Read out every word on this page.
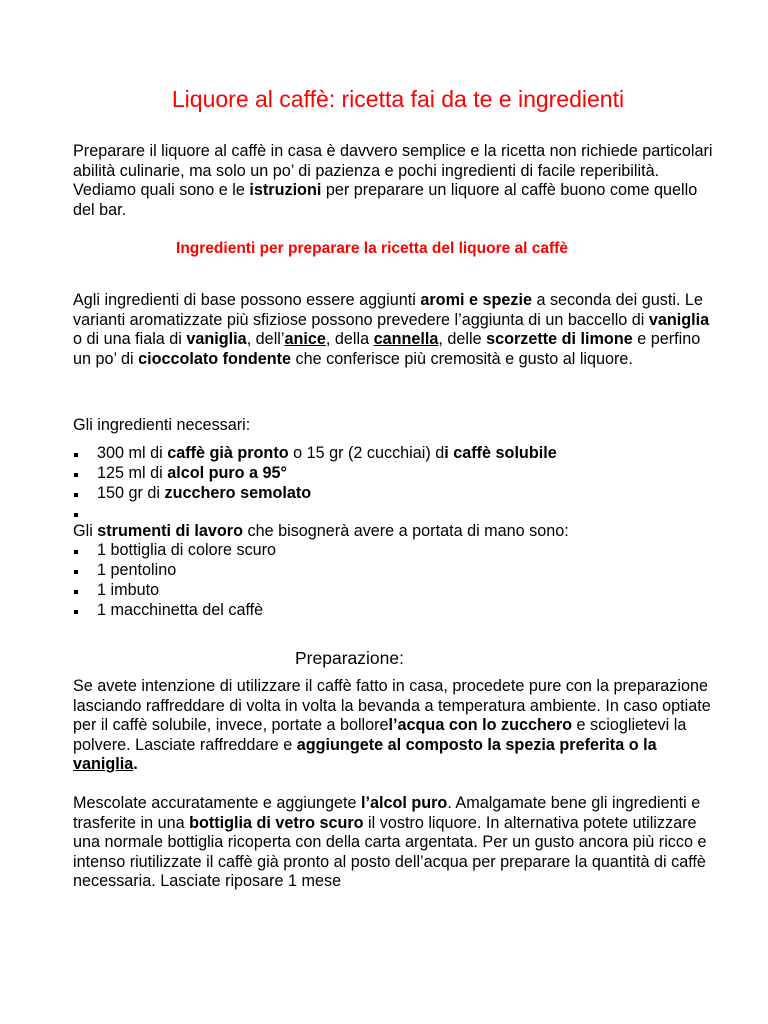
Liquore al caffè: ricetta fai da te e ingredienti

Preparare il liquore al caffè in casa è davvero semplice e la ricetta non richiede particolari abilità culinarie, ma solo un po’ di pazienza e pochi ingredienti di facile reperibilità. Vediamo quali sono e le istruzioni per preparare un liquore al caffè buono come quello del bar.

Ingredienti per preparare la ricetta del liquore al caffè

Agli ingredienti di base possono essere aggiunti aromi e spezie a seconda dei gusti. Le varianti aromatizzate più sfiziose possono prevedere l’aggiunta di un baccello di vaniglia o di una fiala di vaniglia, dell’anice, della cannella, delle scorzette di limone e perfino un po’ di cioccolato fondente che conferisce più cremosità e gusto al liquore.

Gli ingredienti necessari:

300 ml di caffè già pronto o 15 gr (2 cucchiai) di caffè solubile
125 ml di alcol puro a 95°
150 gr di zucchero semolato

Gli strumenti di lavoro che bisognerà avere a portata di mano sono:

1 bottiglia di colore scuro
1 pentolino
1 imbuto
1 macchinetta del caffè
Preparazione:

Se avete intenzione di utilizzare il caffè fatto in casa, procedete pure con la preparazione lasciando raffreddare di volta in volta la bevanda a temperatura ambiente. In caso optiate per il caffè solubile, invece, portate a bollorel’acqua con lo zucchero e scioglietevi la polvere. Lasciate raffreddare e aggiungete al composto la spezia preferita o la vaniglia.

Mescolate accuratamente e aggiungete l’alcol puro. Amalgamate bene gli ingredienti e trasferite in una bottiglia di vetro scuro il vostro liquore. In alternativa potete utilizzare una normale bottiglia ricoperta con della carta argentata. Per un gusto ancora più ricco e intenso riutilizzate il caffè già pronto al posto dell’acqua per preparare la quantità di caffè necessaria. Lasciate riposare 1 mese
